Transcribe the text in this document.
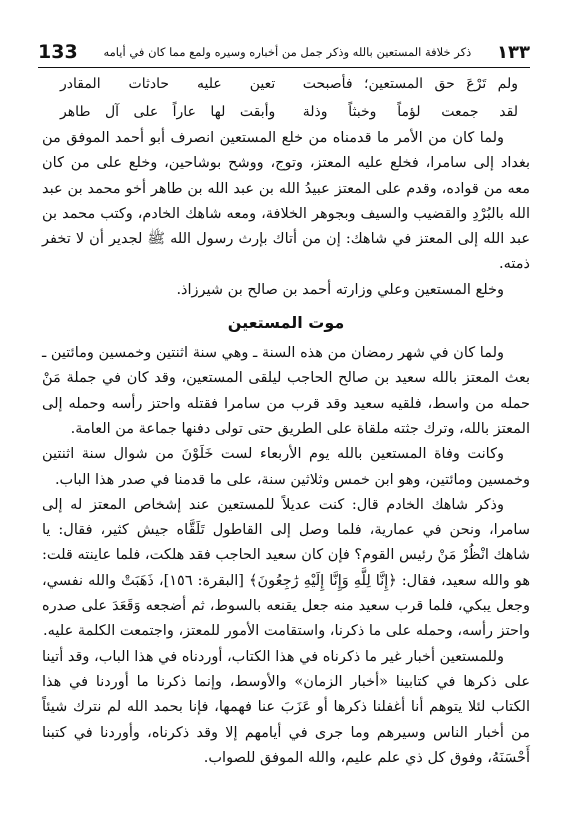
133	ذكر خلافة المستعين بالله وذكر جمل من أخباره وسيره ولمع مما كان في أيامه	١٣٣
ولم تَرْعَ حق المستعين؛ فأصبحت
تعين عليه حادثات المقادر
لقد جمعت لؤماً وخبثاً وذلة
وأبقت لها عاراً على آل طاهر

ولما كان من الأمر ما قدمناه من خلع المستعين انصرف أبو أحمد الموفق من بغداد إلى سامرا، فخلع عليه المعتز، وتوج، ووشح بوشاحين، وخلع على من كان معه من قواده، وقدم على المعتز عبيدُ الله بن عبد الله بن طاهر أخو محمد بن عبد الله بالبُرْدِ والقضيب والسيف وبجوهر الخلافة، ومعه شاهك الخادم، وكتب محمد بن عبد الله إلى المعتز في شاهك: إن من أتاك بإرث رسول الله ﷺ لجدير أن لا تخفر ذمته.

وخلع المستعين وعلي وزارته أحمد بن صالح بن شيرزاذ.

موت المستعين

ولما كان في شهر رمضان من هذه السنة ـ وهي سنة اثنتين وخمسين ومائتين ـ بعث المعتز بالله سعيد بن صالح الحاجب ليلقى المستعين، وقد كان في جملة مَنْ حمله من واسط، فلقيه سعيد وقد قرب من سامرا فقتله واحتز رأسه وحمله إلى المعتز بالله، وترك جثته ملقاة على الطريق حتى تولى دفنها جماعة من العامة.

وكانت وفاة المستعين بالله يوم الأربعاء لست خَلَوْنَ من شوال سنة اثنتين وخمسين ومائتين، وهو ابن خمس وثلاثين سنة، على ما قدمنا في صدر هذا الباب.

وذكر شاهك الخادم قال: كنت عديلاً للمستعين عند إشخاص المعتز له إلى سامرا، ونحن في عمارية، فلما وصل إلى القاطول تَلَقَّاه جيش كثير، فقال: يا شاهك انْظُرْ مَنْ رئيس القوم؟ فإن كان سعيد الحاجب فقد هلكت، فلما عاينته قلت: هو والله سعيد، فقال: ﴿إِنَّا لِلَّهِ وَإِنَّا إِلَيْهِ رَٰجِعُونَ﴾ [البقرة: ١٥٦]، ذَهَبَتْ والله نفسي، وجعل يبكي، فلما قرب سعيد منه جعل يقنعه بالسوط، ثم أضجعه وَقَعَدَ على صدره واحتز رأسه، وحمله على ما ذكرنا، واستقامت الأمور للمعتز، واجتمعت الكلمة عليه.

وللمستعين أخبار غير ما ذكرناه في هذا الكتاب، أوردناه في هذا الباب، وقد أتينا على ذكرها في كتابينا «أخبار الزمان» والأوسط، وإنما ذكرنا ما أوردنا في هذا الكتاب لئلا يتوهم أنا أغفلنا ذكرها أو عَزَبَ عنا فهمها، فإنا بحمد الله لم نترك شيئاً من أخبار الناس وسيرهم وما جرى في أيامهم إلا وقد ذكرناه، وأوردنا في كتبنا أَحْسَنَهُ، وفوق كل ذي علم عليم، والله الموفق للصواب.
